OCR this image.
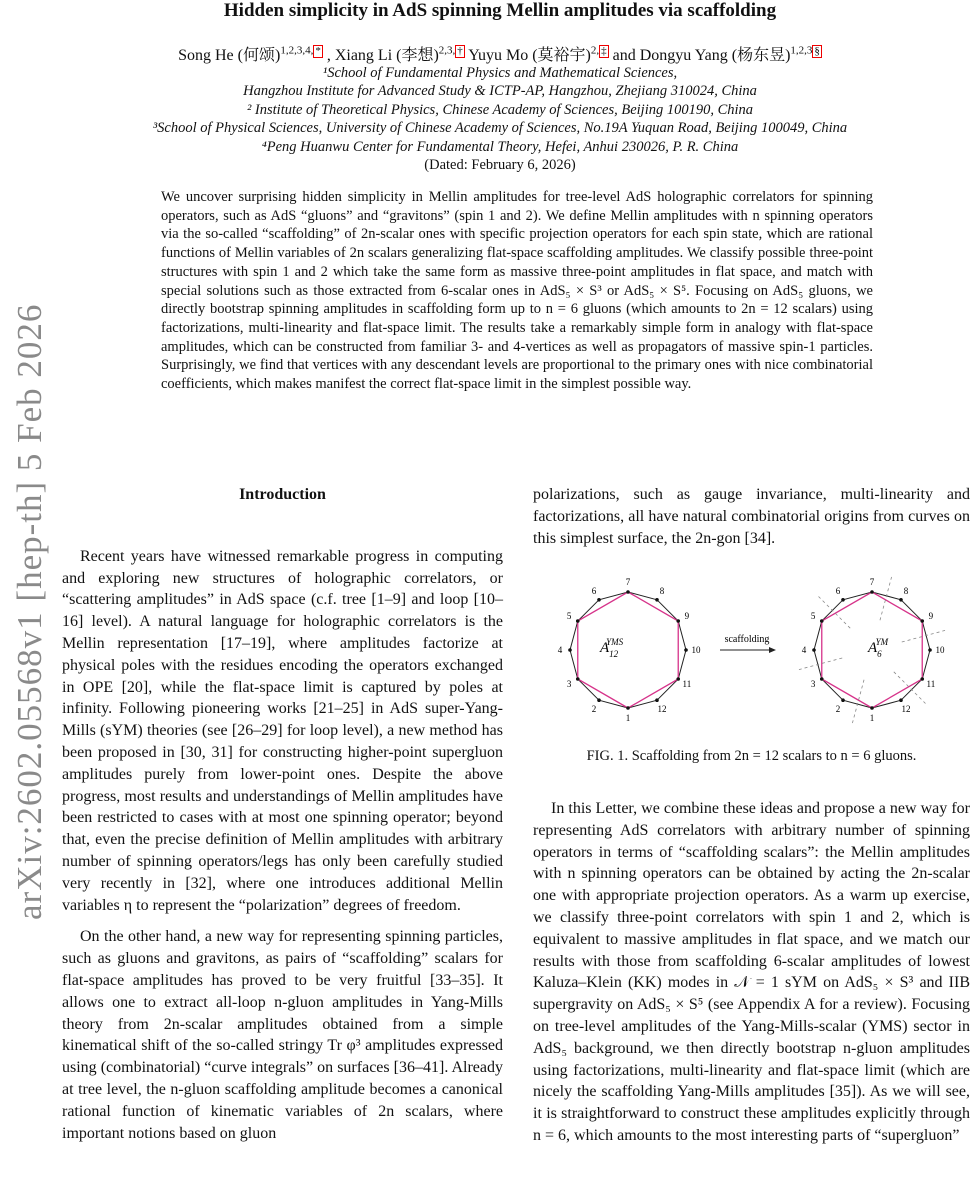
arXiv:2602.05568v1 [hep-th] 5 Feb 2026
Hidden simplicity in AdS spinning Mellin amplitudes via scaffolding
Song He (何颂)$^{1,2,3,4,}$ * , Xiang Li (李想)$^{2,3,}$ † Yuyu Mo (莫裕宇)$^{2,}$ ‡ and Dongyu Yang (杨东昱)$^{1,2,3}$ §
¹School of Fundamental Physics and Mathematical Sciences,
Hangzhou Institute for Advanced Study & ICTP-AP, Hangzhou, Zhejiang 310024, China
² Institute of Theoretical Physics, Chinese Academy of Sciences, Beijing 100190, China
³School of Physical Sciences, University of Chinese Academy of Sciences, No.19A Yuquan Road, Beijing 100049, China
⁴Peng Huanwu Center for Fundamental Theory, Hefei, Anhui 230026, P. R. China
(Dated: February 6, 2026)
We uncover surprising hidden simplicity in Mellin amplitudes for tree-level AdS holographic correlators for spinning operators, such as AdS “gluons” and “gravitons” (spin 1 and 2). We define Mellin amplitudes with n spinning operators via the so-called “scaffolding” of 2n-scalar ones with specific projection operators for each spin state, which are rational functions of Mellin variables of 2n scalars generalizing flat-space scaffolding amplitudes. We classify possible three-point structures with spin 1 and 2 which take the same form as massive three-point amplitudes in flat space, and match with special solutions such as those extracted from 6-scalar ones in AdS₅ × S³ or AdS₅ × S⁵. Focusing on AdS₅ gluons, we directly bootstrap spinning amplitudes in scaffolding form up to n = 6 gluons (which amounts to 2n = 12 scalars) using factorizations, multi-linearity and flat-space limit. The results take a remarkably simple form in analogy with flat-space amplitudes, which can be constructed from familiar 3- and 4-vertices as well as propagators of massive spin-1 particles. Surprisingly, we find that vertices with any descendant levels are proportional to the primary ones with nice combinatorial coefficients, which makes manifest the correct flat-space limit in the simplest possible way.
Introduction

Recent years have witnessed remarkable progress in computing and exploring new structures of holographic correlators, or “scattering amplitudes” in AdS space (c.f. tree [1–9] and loop [10–16] level). A natural language for holographic correlators is the Mellin representation [17–19], where amplitudes factorize at physical poles with the residues encoding the operators exchanged in OPE [20], while the flat-space limit is captured by poles at infinity. Following pioneering works [21–25] in AdS super-Yang-Mills (sYM) theories (see [26–29] for loop level), a new method has been proposed in [30, 31] for constructing higher-point supergluon amplitudes purely from lower-point ones. Despite the above progress, most results and understandings of Mellin amplitudes have been restricted to cases with at most one spinning operator; beyond that, even the precise definition of Mellin amplitudes with arbitrary number of spinning operators/legs has only been carefully studied very recently in [32], where one introduces additional Mellin variables η to represent the “polarization” degrees of freedom.

On the other hand, a new way for representing spinning particles, such as gluons and gravitons, as pairs of “scaffolding” scalars for flat-space amplitudes has proved to be very fruitful [33–35]. It allows one to extract all-loop n-gluon amplitudes in Yang-Mills theory from 2n-scalar amplitudes obtained from a simple kinematical shift of the so-called stringy Tr φ³ amplitudes expressed using (combinatorial) “curve integrals” on surfaces [36–41]. Already at tree level, the n-gluon scaffolding amplitude becomes a canonical rational function of kinematic variables of 2n scalars, where important notions based on gluon

polarizations, such as gauge invariance, multi-linearity and factorizations, all have natural combinatorial origins from curves on this simplest surface, the 2n-gon [34].

1
2
3
4
5
6
7
8
9
10
11
12
1
2
3
4
5
6
7
8
9
10
11
12
$A_{12}YMS$	$A_6YM$
scaffolding
FIG. 1. Scaffolding from 2n = 12 scalars to n = 6 gluons.

In this Letter, we combine these ideas and propose a new way for representing AdS correlators with arbitrary number of spinning operators in terms of “scaffolding scalars”: the Mellin amplitudes with n spinning operators can be obtained by acting the 2n-scalar one with appropriate projection operators. As a warm up exercise, we classify three-point correlators with spin 1 and 2, which is equivalent to massive amplitudes in flat space, and we match our results with those from scaffolding 6-scalar amplitudes of lowest Kaluza–Klein (KK) modes in 𝒩 = 1 sYM on AdS₅ × S³ and IIB supergravity on AdS₅ × S⁵ (see Appendix A for a review). Focusing on tree-level amplitudes of the Yang-Mills-scalar (YMS) sector in AdS₅ background, we then directly bootstrap n-gluon amplitudes using factorizations, multi-linearity and flat-space limit (which are nicely the scaffolding Yang-Mills amplitudes [35]). As we will see, it is straightforward to construct these amplitudes explicitly through n = 6, which amounts to the most interesting parts of “supergluon”
